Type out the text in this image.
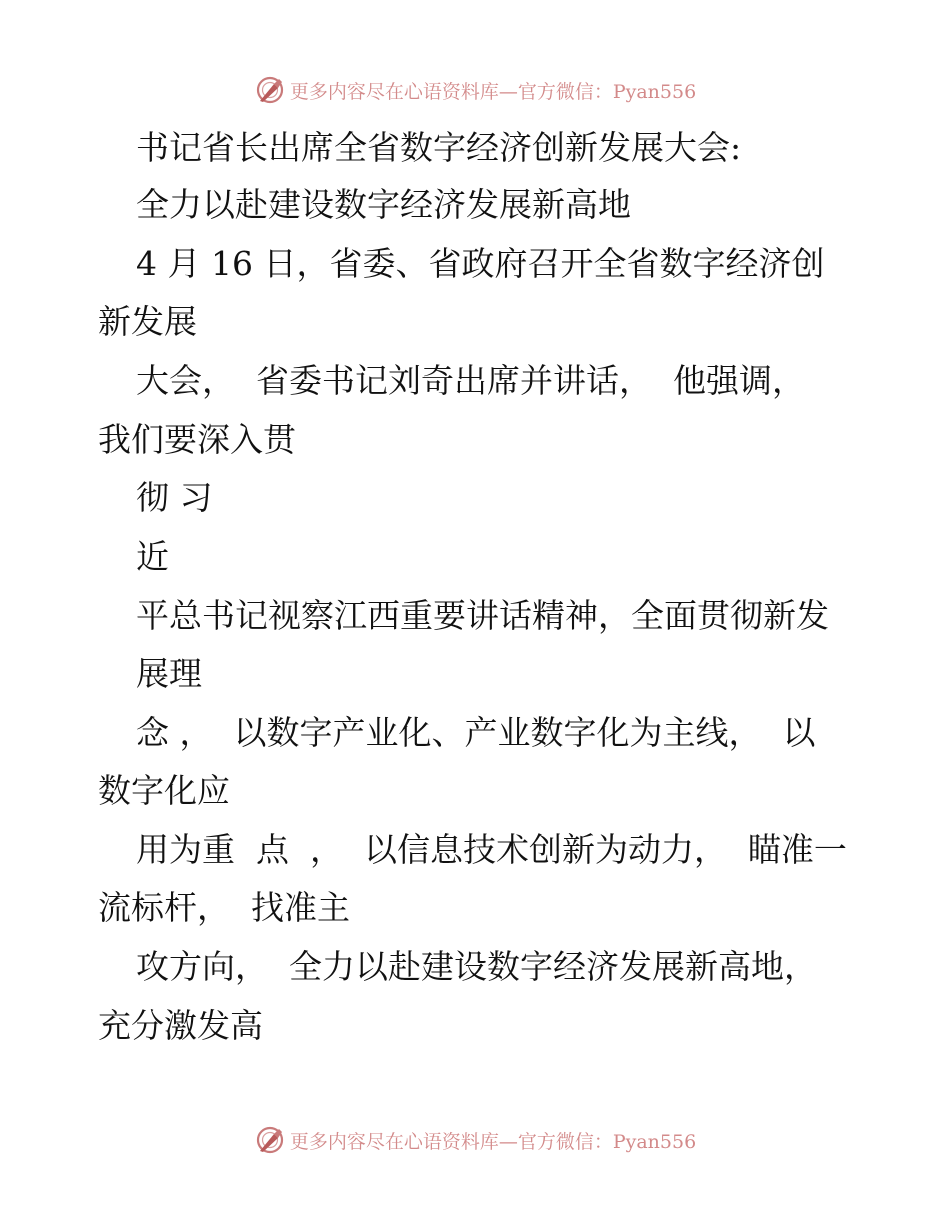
更多内容尽在心语资料库—官方微信：Pyan556
书记省长出席全省数字经济创新发展大会:
全力以赴建设数字经济发展新高地
4 月 16 日，省委、省政府召开全省数字经济创
新发展
大会，  省委书记刘奇出席并讲话，  他强调，
我们要深入贯
彻 习
近
平总书记视察江西重要讲话精神，全面贯彻新发
展理
念 ，  以数字产业化、产业数字化为主线，  以
数字化应
用为重  点  ，  以信息技术创新为动力，  瞄准一
流标杆，  找准主
攻方向，  全力以赴建设数字经济发展新高地，
充分激发高
更多内容尽在心语资料库—官方微信：Pyan556
